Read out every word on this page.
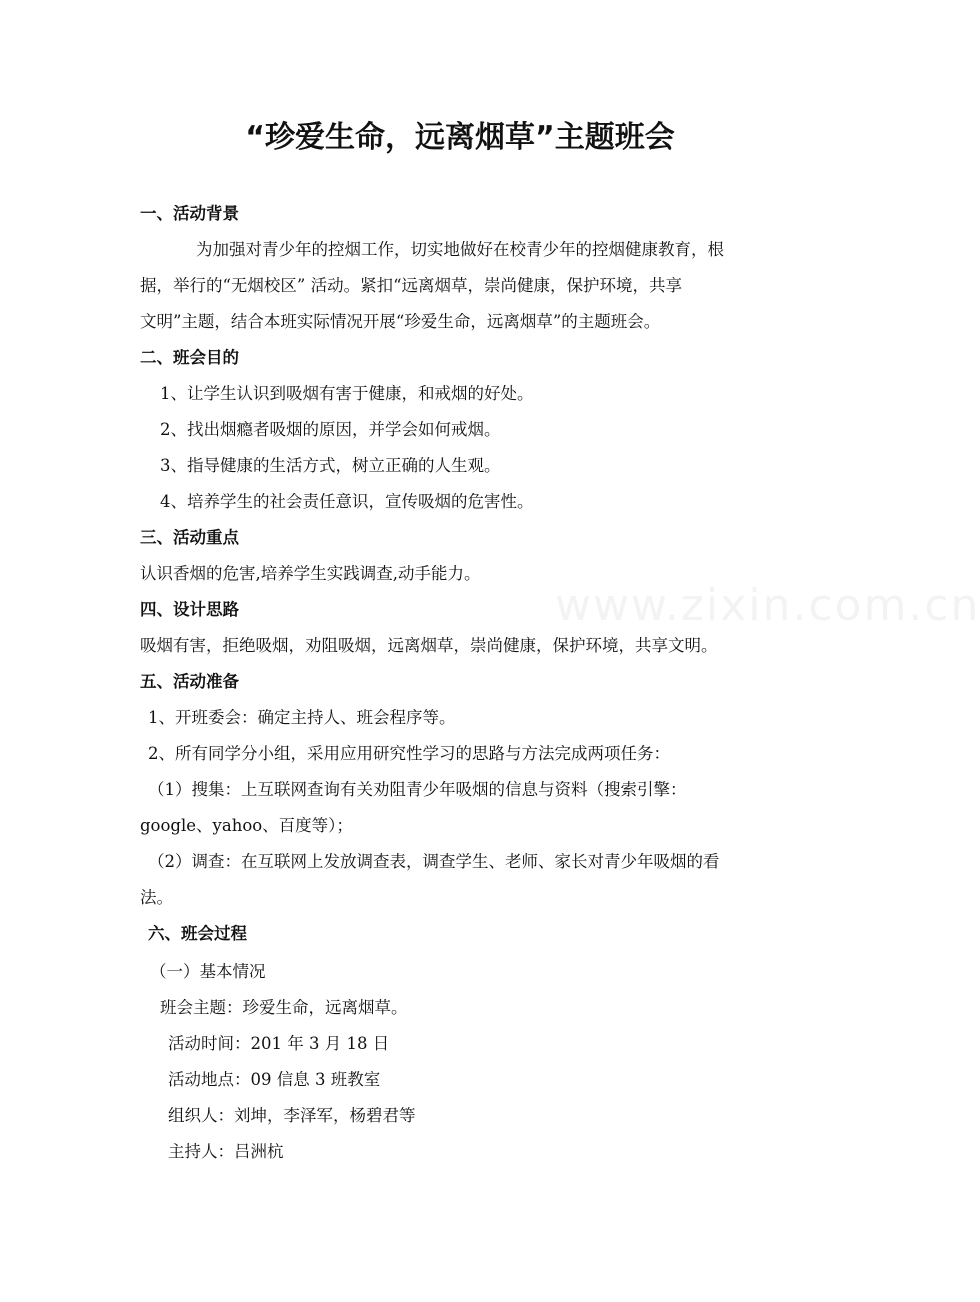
www.zixin.com.cn
“珍爱生命，远离烟草”主题班会
一、活动背景
为加强对青少年的控烟工作，切实地做好在校青少年的控烟健康教育，根
据，举行的“无烟校区” 活动。紧扣“远离烟草，崇尚健康，保护环境，共享
文明”主题，结合本班实际情况开展“珍爱生命，远离烟草”的主题班会。
二、班会目的
1、让学生认识到吸烟有害于健康，和戒烟的好处。
2、找出烟瘾者吸烟的原因，并学会如何戒烟。
3、指导健康的生活方式，树立正确的人生观。
4、培养学生的社会责任意识，宣传吸烟的危害性。
三、活动重点
认识香烟的危害,培养学生实践调查,动手能力。
四、设计思路
吸烟有害，拒绝吸烟，劝阻吸烟，远离烟草，崇尚健康，保护环境，共享文明。
五、活动准备
1、开班委会：确定主持人、班会程序等。
2、所有同学分小组，采用应用研究性学习的思路与方法完成两项任务：
（1）搜集：上互联网查询有关劝阻青少年吸烟的信息与资料（搜索引擎：
google、yahoo、百度等）；
（2）调查：在互联网上发放调查表，调查学生、老师、家长对青少年吸烟的看
法。
六、班会过程
（一）基本情况
班会主题：珍爱生命，远离烟草。
活动时间：201 年 3 月 18 日
活动地点：09 信息 3 班教室
组织人：刘坤，李泽军，杨碧君等
主持人：吕洲杭
